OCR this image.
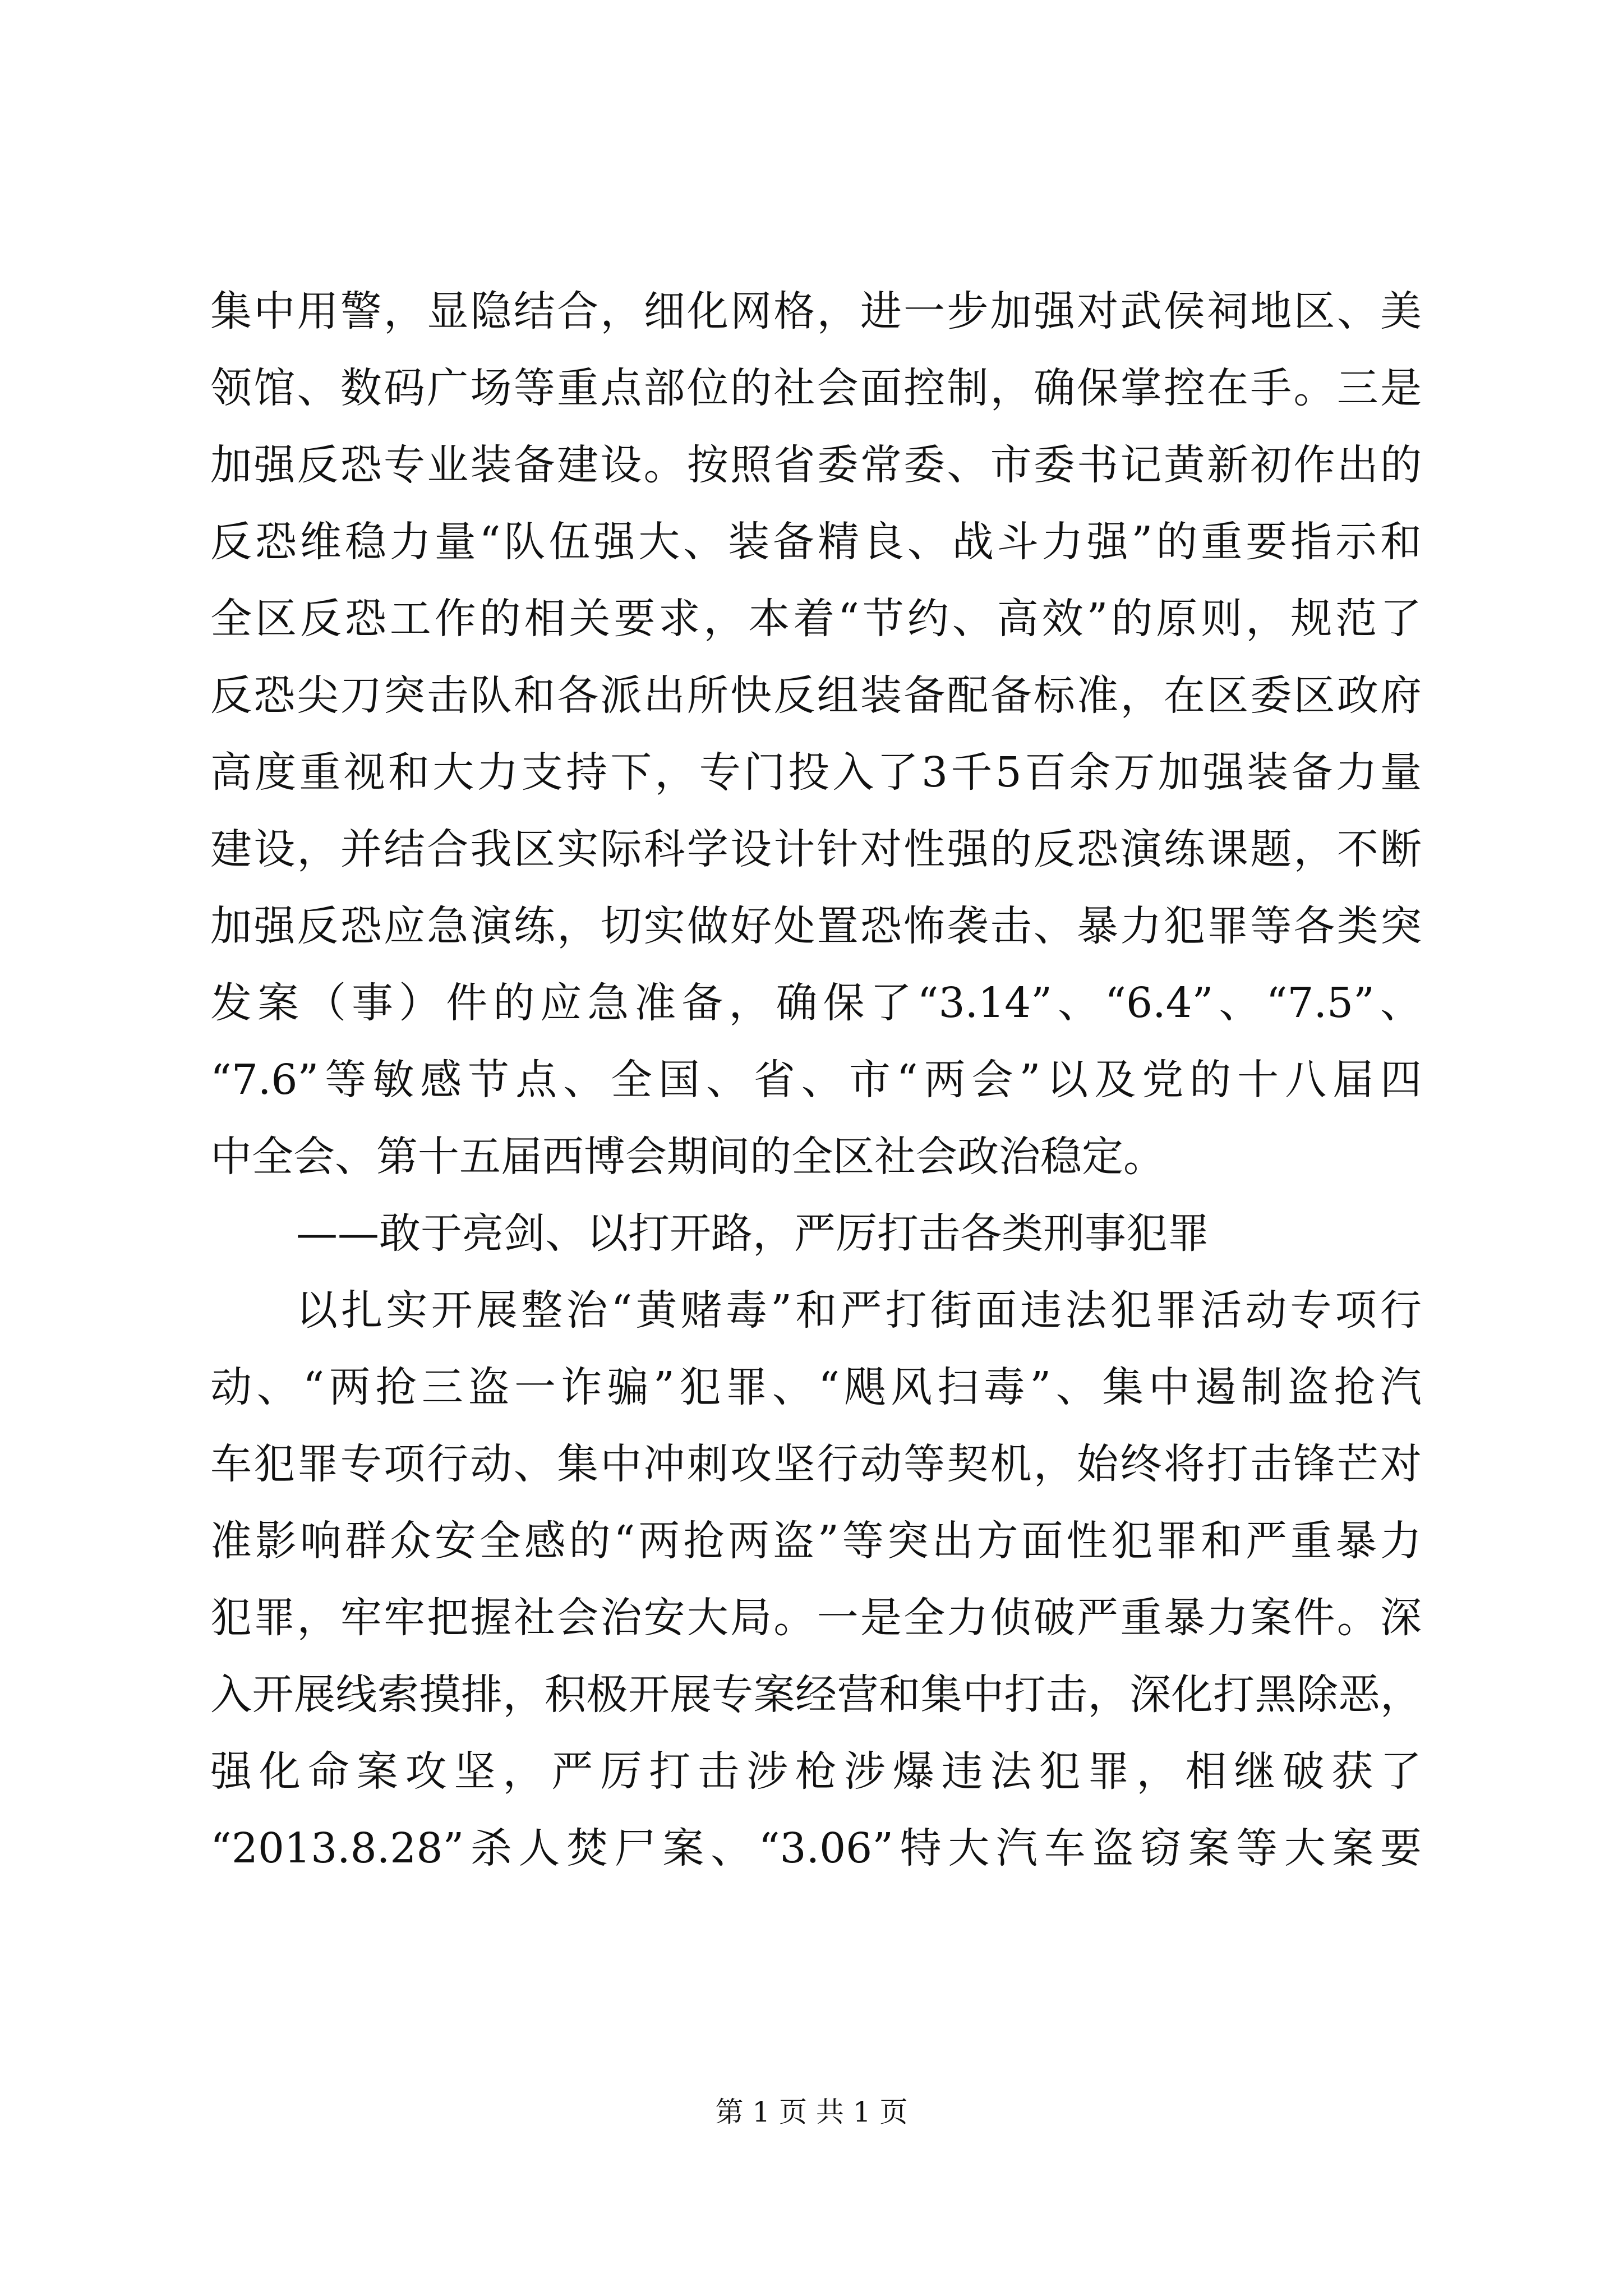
集中用警，显隐结合，细化网格，进一步加强对武侯祠地区、美
领馆、数码广场等重点部位的社会面控制，确保掌控在手。三是
加强反恐专业装备建设。按照省委常委、市委书记黄新初作出的
反恐维稳力量“队伍强大、装备精良、战斗力强”的重要指示和
全区反恐工作的相关要求，本着“节约、高效”的原则，规范了
反恐尖刀突击队和各派出所快反组装备配备标准，在区委区政府
高度重视和大力支持下，专门投入了3千5百余万加强装备力量
建设，并结合我区实际科学设计针对性强的反恐演练课题，不断
加强反恐应急演练，切实做好处置恐怖袭击、暴力犯罪等各类突
发案（事）件的应急准备，确保了“3.14”、“6.4”、“7.5”、
“7.6”等敏感节点、全国、省、市“两会”以及党的十八届四
中全会、第十五届西博会期间的全区社会政治稳定。
——敢于亮剑、以打开路，严厉打击各类刑事犯罪
以扎实开展整治“黄赌毒”和严打街面违法犯罪活动专项行
动、“两抢三盗一诈骗”犯罪、“飓风扫毒”、集中遏制盗抢汽
车犯罪专项行动、集中冲刺攻坚行动等契机，始终将打击锋芒对
准影响群众安全感的“两抢两盗”等突出方面性犯罪和严重暴力
犯罪，牢牢把握社会治安大局。一是全力侦破严重暴力案件。深
入开展线索摸排，积极开展专案经营和集中打击，深化打黑除恶，
强化命案攻坚，严厉打击涉枪涉爆违法犯罪，相继破获了
“2013.8.28”杀人焚尸案、“3.06”特大汽车盗窃案等大案要
第 1 页 共 1 页
